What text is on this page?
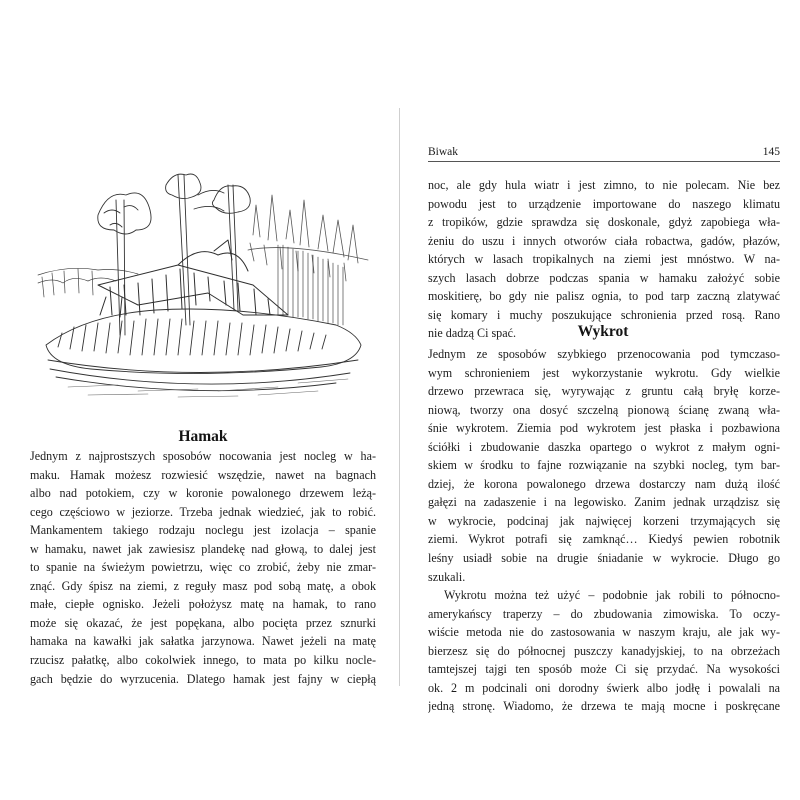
Hamak
Jednym z najprostszych sposobów nocowania jest nocleg w ha-
maku. Hamak możesz rozwiesić wszędzie, nawet na bagnach
albo nad potokiem, czy w koronie powalonego drzewem leżą-
cego częściowo w jeziorze. Trzeba jednak wiedzieć, jak to robić.
Mankamentem takiego rodzaju noclegu jest izolacja – spanie
w hamaku, nawet jak zawiesisz plandekę nad głową, to dalej jest
to spanie na świeżym powietrzu, więc co zrobić, żeby nie zmar-
znąć. Gdy śpisz na ziemi, z reguły masz pod sobą matę, a obok
małe, ciepłe ognisko. Jeżeli położysz matę na hamak, to rano
może się okazać, że jest popękana, albo pocięta przez sznurki
hamaka na kawałki jak sałatka jarzynowa. Nawet jeżeli na matę
rzucisz pałatkę, albo cokolwiek innego, to mata po kilku nocle-
gach będzie do wyrzucenia. Dlatego hamak jest fajny w ciepłą
Biwak	145
noc, ale gdy hula wiatr i jest zimno, to nie polecam. Nie bez
powodu jest to urządzenie importowane do naszego klimatu
z tropików, gdzie sprawdza się doskonale, gdyż zapobiega wła-
żeniu do uszu i innych otworów ciała robactwa, gadów, płazów,
których w lasach tropikalnych na ziemi jest mnóstwo. W na-
szych lasach dobrze podczas spania w hamaku założyć sobie
moskitierę, bo gdy nie palisz ognia, to pod tarp zaczną zlatywać
się komary i muchy poszukujące schronienia przed rosą. Rano
nie dadzą Ci spać.	Wykrot
Jednym ze sposobów szybkiego przenocowania pod tymczaso-
wym schronieniem jest wykorzystanie wykrotu. Gdy wielkie
drzewo przewraca się, wyrywając z gruntu całą bryłę korze-
niową, tworzy ona dosyć szczelną pionową ścianę zwaną wła-
śnie wykrotem. Ziemia pod wykrotem jest płaska i pozbawiona
ściółki i zbudowanie daszka opartego o wykrot z małym ogni-
skiem w środku to fajne rozwiązanie na szybki nocleg, tym bar-
dziej, że korona powalonego drzewa dostarczy nam dużą ilość
gałęzi na zadaszenie i na legowisko. Zanim jednak urządzisz się
w wykrocie, podcinaj jak najwięcej korzeni trzymających się
ziemi. Wykrot potrafi się zamknąć… Kiedyś pewien robotnik
leśny usiadł sobie na drugie śniadanie w wykrocie. Długo go
szukali.
Wykrotu można też użyć – podobnie jak robili to północno-
amerykańscy traperzy – do zbudowania zimowiska. To oczy-
wiście metoda nie do zastosowania w naszym kraju, ale jak wy-
bierzesz się do północnej puszczy kanadyjskiej, to na obrzeżach
tamtejszej tajgi ten sposób może Ci się przydać. Na wysokości
ok. 2 m podcinali oni dorodny świerk albo jodłę i powalali na
jedną stronę. Wiadomo, że drzewa te mają mocne i poskręcane
